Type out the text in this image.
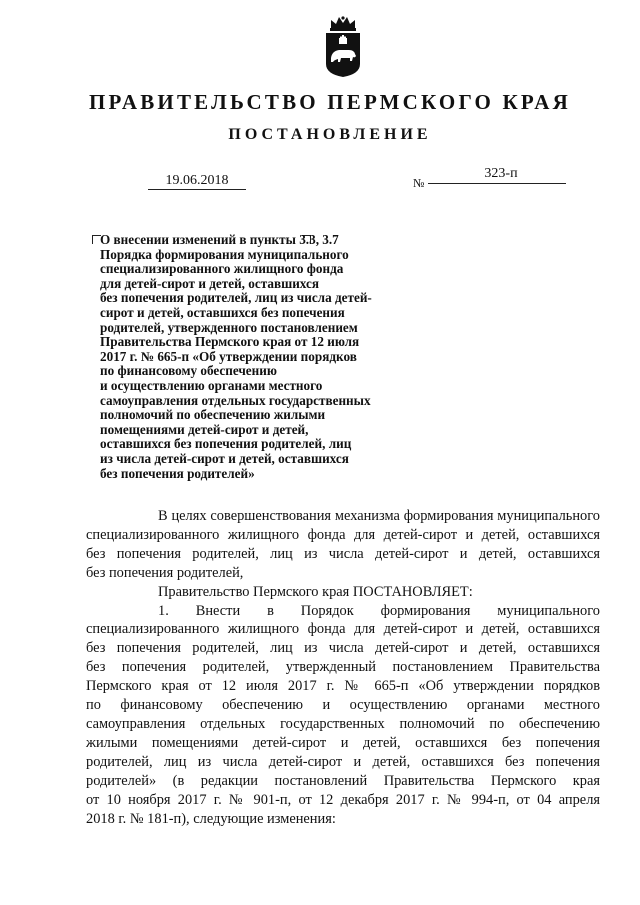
ПРАВИТЕЛЬСТВО ПЕРМСКОГО КРАЯ
ПОСТАНОВЛЕНИЕ
19.06.2018	№
323-п
О внесении изменений в пункты 3.3, 3.7
Порядка формирования муниципального
специализированного жилищного фонда
для детей-сирот и детей, оставшихся
без попечения родителей, лиц из числа детей-
сирот и детей, оставшихся без попечения
родителей, утвержденного постановлением
Правительства Пермского края от 12 июля
2017 г. № 665-п «Об утверждении порядков
по финансовому обеспечению
и осуществлению органами местного
самоуправления отдельных государственных
полномочий по обеспечению жилыми
помещениями детей-сирот и детей,
оставшихся без попечения родителей, лиц
из числа детей-сирот и детей, оставшихся
без попечения родителей»
В целях совершенствования механизма формирования муниципального
специализированного жилищного фонда для детей-сирот и детей, оставшихся
без попечения родителей, лиц из числа детей-сирот и детей, оставшихся
без попечения родителей,
Правительство Пермского края ПОСТАНОВЛЯЕТ:
1. Внести в Порядок формирования муниципального
специализированного жилищного фонда для детей-сирот и детей, оставшихся
без попечения родителей, лиц из числа детей-сирот и детей, оставшихся
без попечения родителей, утвержденный постановлением Правительства
Пермского края от 12 июля 2017 г. № 665-п «Об утверждении порядков
по финансовому обеспечению и осуществлению органами местного
самоуправления отдельных государственных полномочий по обеспечению
жилыми помещениями детей-сирот и детей, оставшихся без попечения
родителей, лиц из числа детей-сирот и детей, оставшихся без попечения
родителей» (в редакции постановлений Правительства Пермского края
от 10 ноября 2017 г. № 901-п, от 12 декабря 2017 г. № 994-п, от 04 апреля
2018 г. № 181-п), следующие изменения:
